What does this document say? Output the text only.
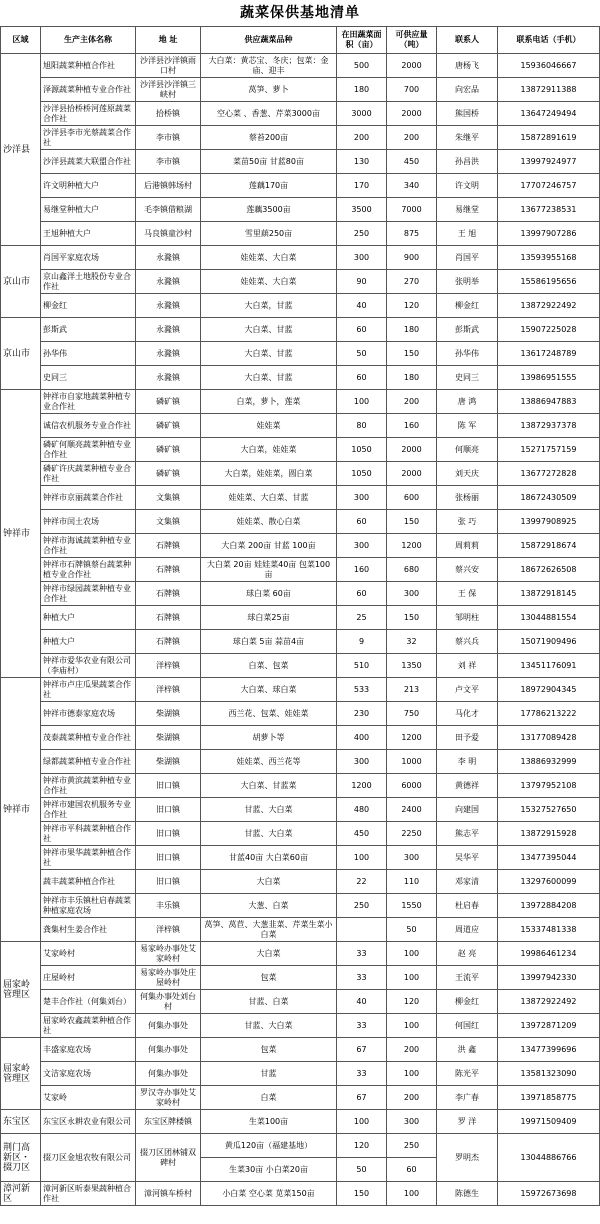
蔬菜保供基地清单
区域	生产主体名称	地 址	供应蔬菜品种	在田蔬菜面积（亩）	可供应量（吨）	联系人	联系电话（手机）
沙洋县	旭阳蔬菜种植合作社	沙洋县沙洋镇雨口村	大白菜：黄芯宝、冬庆；包菜：金庙、迎丰	500	2000	唐杨飞	15936046667
	泽源蔬菜种植专业合作社	沙洋县沙洋镇三峡村	莴笋、萝卜	180	700	向宏品	13872911388
	沙洋县拾桥桥河莲原蔬菜合作社	拾桥镇	空心菜 、香葱、芹菜3000亩	3000	2000	熊国桥	13647249494
	沙洋县李市光蔡蔬菜合作社	李市镇	蔡苔200亩	200	200	朱继平	15872891619
	沙洋县蔬菜大联盟合作社	李市镇	菜苗50亩 甘蓝80亩	130	450	孙昌洪	13997924977
	许文明种植大户	后港镇韩场村	莲藕170亩	170	340	许文明	17707246757
	易继堂种植大户	毛李镇借粮湖	莲藕3500亩	3500	7000	易继堂	13677238531
	王旭种植大户	马良镇童沙村	雪里蕻250亩	250	875	王 旭	13997907286
京山市	肖国平家庭农场	永漋镇	娃娃菜、大白菜	300	900	肖国平	13593955168
	京山鑫洋土地股份专业合作社	永漋镇	娃娃菜、大白菜	90	270	张明举	15586195656
	柳金红	永漋镇	大白菜，甘蓝	40	120	柳金红	13872922492
京山市	彭斯武	永漋镇	大白菜、甘蓝	60	180	彭斯武	15907225028
	孙华伟	永漋镇	大白菜、甘蓝	50	150	孙华伟	13617248789
	史同三	永漋镇	大白菜、甘蓝	60	180	史同三	13986951555
钟祥市	钟祥市自家地蔬菜种植专业合作社	磷矿镇	白菜，萝卜，莲菜	100	200	唐 鸿	13886947883
	诚信农机服务专业合作社	磷矿镇	娃娃菜	80	160	陈 军	13872937378
	磷矿何顺亮蔬菜种植专业合作社	磷矿镇	大白菜，娃娃菜	1050	2000	何顺亮	15271757159
	磷矿许庆蔬菜种植专业合作社	磷矿镇	大白菜，娃娃菜，圆白菜	1050	2000	刘天庆	13677272828
	钟祥市京丽蔬菜合作社	文集镇	娃娃菜、大白菜、甘蓝	300	600	张杨丽	18672430509
	钟祥市闰土农场	文集镇	娃娃菜、散心白菜	60	150	张 巧	13997908925
	钟祥市海诚蔬菜种植专业合作社	石牌镇	大白菜 200亩 甘蓝 100亩	300	1200	周莉莉	15872918674
	钟祥市石牌镇蔡台蔬菜种植专业合作社	石牌镇	大白菜 20亩 娃娃菜40亩 包菜100亩	160	680	蔡兴安	18672626508
	钟祥市绿园蔬菜种植专业合作社	石牌镇	球白菜 60亩	60	300	王 保	13872918145
	种植大户	石牌镇	球白菜25亩	25	150	邹明柱	13044881554
	种植大户	石牌镇	球白菜 5亩 蒜苗4亩	9	32	蔡兴兵	15071909496
	钟祥市爱华农业有限公司（李庙村）	洋梓镇	白菜、包菜	510	1350	刘 祥	13451176091
钟祥市	钟祥市卢庄瓜果蔬菜合作社	洋梓镇	大白菜、球白菜	533	213	卢文平	18972904345
	钟祥市德泰家庭农场	柴湖镇	西兰花、包菜、娃娃菜	230	750	马化才	17786213222
	茂泰蔬菜种植专业合作社	柴湖镇	胡萝卜等	400	1200	田予爱	13177089428
	绿都蔬菜种植专业合作社	柴湖镇	娃娃菜、西兰花等	300	1000	李 明	13886932999
	钟祥市黄滨蔬菜种植专业合作社	旧口镇	大白菜、甘蓝菜	1200	6000	黄德祥	13797952108
	钟祥市建国农机服务专业合作社	旧口镇	甘蓝、大白菜	480	2400	向建国	15327527650
	钟祥市平科蔬菜种植合作社	旧口镇	甘蓝、大白菜	450	2250	熊志平	13872915928
	钟祥市果华蔬菜种植合作社	旧口镇	甘蓝40亩 大白菜60亩	100	300	吴华平	13477395044
	蔬丰蔬菜种植合作社	旧口镇	大白菜	22	110	邓家清	13297600099
	钟祥市丰乐镇杜启春蔬菜种植家庭农场	丰乐镇	大葱、白菜	250	1550	杜启春	13972884208
	龚集村生姜合作社	洋梓镇	莴笋、莴苣、大葱韭菜、芹菜生菜小白菜		50	周道应	15337481338
屈家岭管理区	艾家岭村	易家岭办事处艾家岭村	大白菜	33	100	赵 亮	19986461234
	庄屋岭村	易家岭办事处庄屋岭村	包菜	33	100	王流平	13997942330
	楚丰合作社（何集刘台）	何集办事处刘台村	甘蓝、白菜	40	120	柳金红	13872922492
	屈家岭农鑫蔬菜种植合作社	何集办事处	甘蓝、大白菜	33	100	何国红	13972871209
屈家岭管理区	丰盛家庭农场	何集办事处	包菜	67	200	洪 鑫	13477399696
	文洁家庭农场	何集办事处	甘蓝	33	100	陈光平	13581323090
	艾家岭	罗汉寺办事处艾家岭村	白菜	67	200	李广春	13971858775
东宝区	东宝区永耕农业有限公司	东宝区牌楼镇	生菜100亩	100	300	罗 洋	19971509409
荆门高新区・掇刀区	掇刀区金旭农牧有限公司	掇刀区团林铺双碑村	黄瓜120亩（福建基地）	120	250	罗明杰	13044886766
			生菜30亩 小白菜20亩	50	60		
漳河新区	漳河新区昕泰果蔬种植合作社	漳河镇车桥村	小白菜 空心菜 苋菜150亩	150	100	陈德生	15972673698
